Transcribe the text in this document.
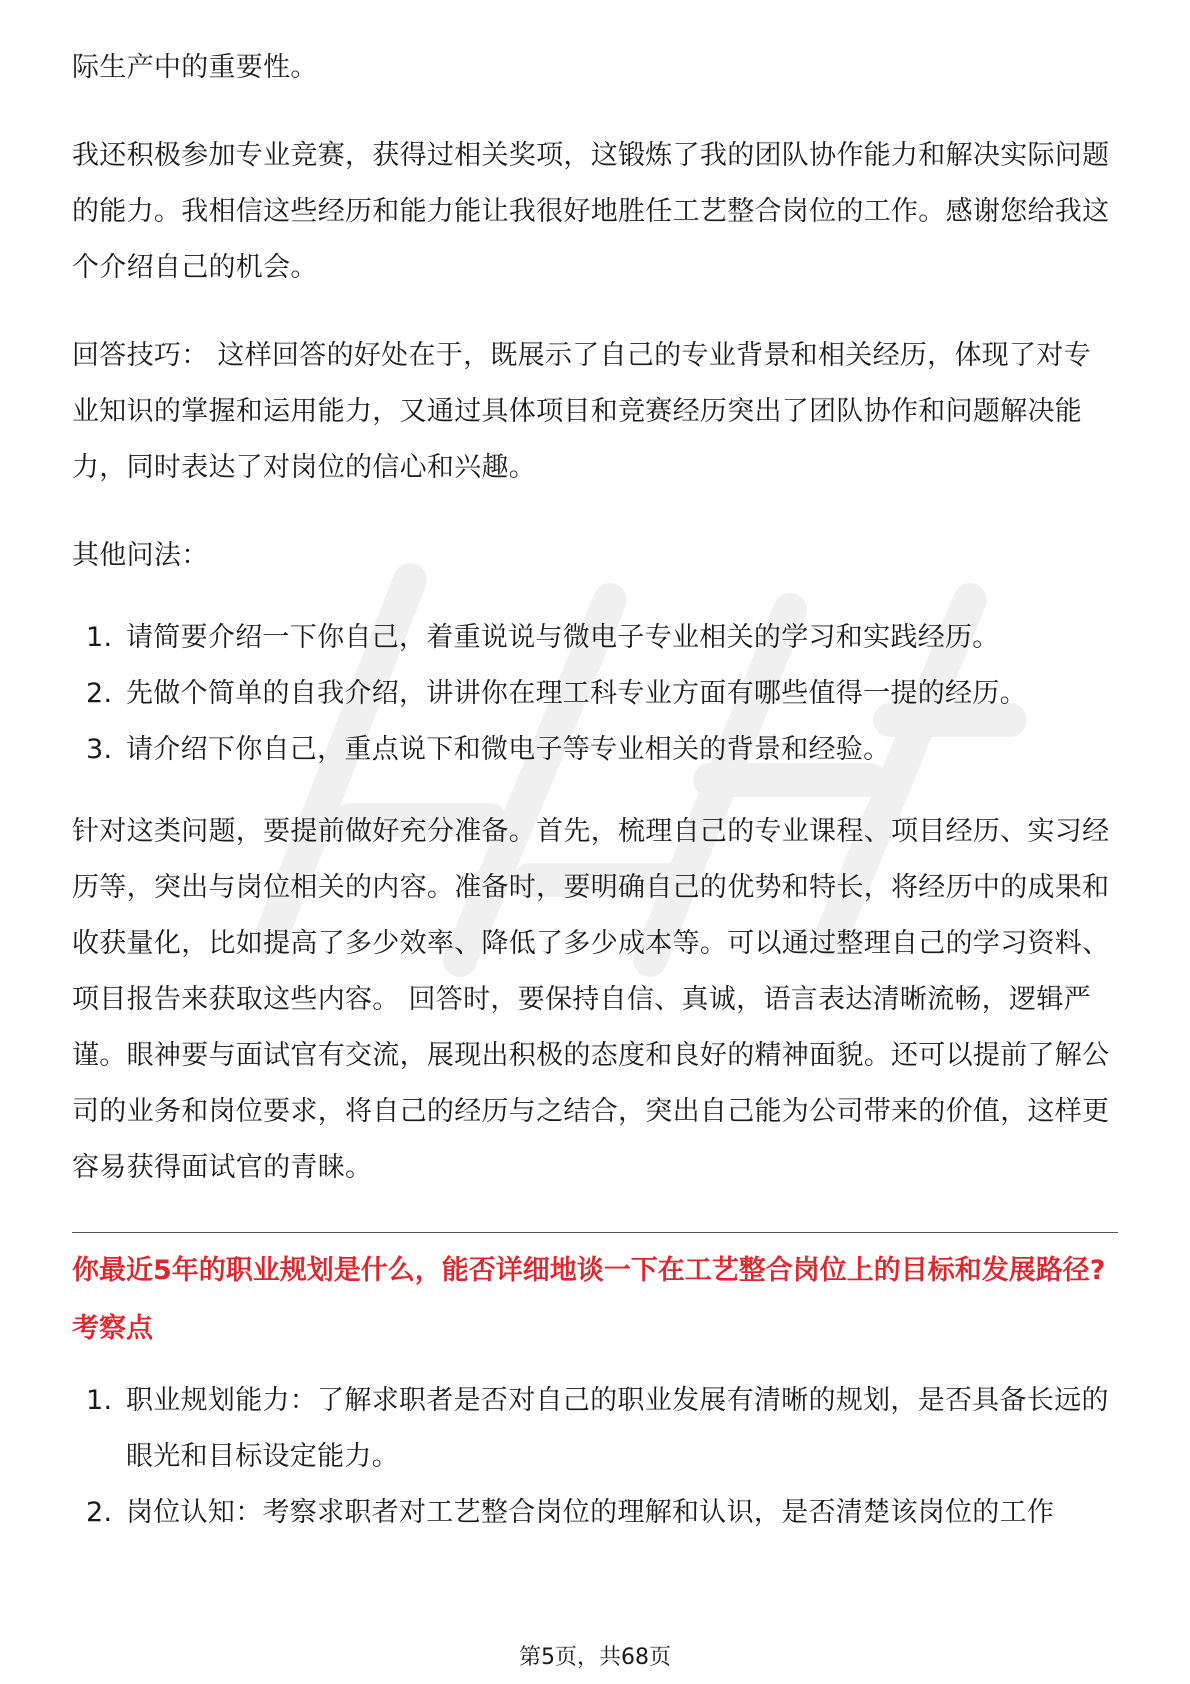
际生产中的重要性。

我还积极参加专业竞赛，获得过相关奖项，这锻炼了我的团队协作能力和解决实际问题的能力。我相信这些经历和能力能让我很好地胜任工艺整合岗位的工作。感谢您给我这个介绍自己的机会。

回答技巧： 这样回答的好处在于，既展示了自己的专业背景和相关经历，体现了对专业知识的掌握和运用能力，又通过具体项目和竞赛经历突出了团队协作和问题解决能力，同时表达了对岗位的信心和兴趣。

其他问法：

1. 请简要介绍一下你自己，着重说说与微电子专业相关的学习和实践经历。
2. 先做个简单的自我介绍，讲讲你在理工科专业方面有哪些值得一提的经历。
3. 请介绍下你自己，重点说下和微电子等专业相关的背景和经验。

针对这类问题，要提前做好充分准备。首先，梳理自己的专业课程、项目经历、实习经历等，突出与岗位相关的内容。准备时，要明确自己的优势和特长，将经历中的成果和收获量化，比如提高了多少效率、降低了多少成本等。可以通过整理自己的学习资料、项目报告来获取这些内容。 回答时，要保持自信、真诚，语言表达清晰流畅，逻辑严谨。眼神要与面试官有交流，展现出积极的态度和良好的精神面貌。还可以提前了解公司的业务和岗位要求，将自己的经历与之结合，突出自己能为公司带来的价值，这样更容易获得面试官的青睐。

你最近5年的职业规划是什么，能否详细地谈一下在工艺整合岗位上的目标和发展路径?

考察点

1. 职业规划能力：了解求职者是否对自己的职业发展有清晰的规划，是否具备长远的眼光和目标设定能力。
2. 岗位认知：考察求职者对工艺整合岗位的理解和认识，是否清楚该岗位的工作
第5页，共68页
